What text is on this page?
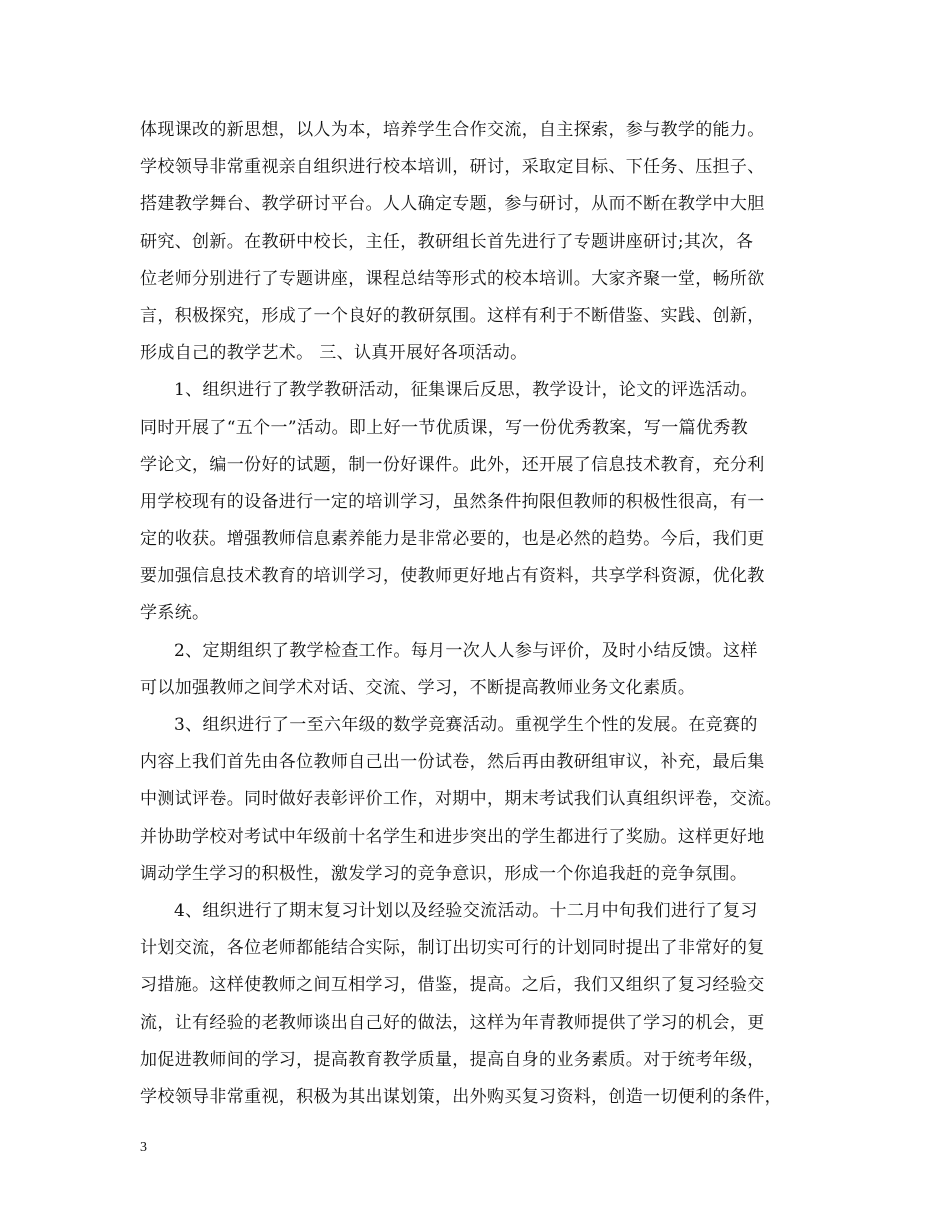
体现课改的新思想，以人为本，培养学生合作交流，自主探索，参与教学的能力。
学校领导非常重视亲自组织进行校本培训，研讨，采取定目标、下任务、压担子、
搭建教学舞台、教学研讨平台。人人确定专题，参与研讨，从而不断在教学中大胆
研究、创新。在教研中校长，主任，教研组长首先进行了专题讲座研讨;其次，各
位老师分别进行了专题讲座，课程总结等形式的校本培训。大家齐聚一堂，畅所欲
言，积极探究，形成了一个良好的教研氛围。这样有利于不断借鉴、实践、创新，
形成自己的教学艺术。 三、认真开展好各项活动。
1、组织进行了教学教研活动，征集课后反思，教学设计，论文的评选活动。
同时开展了“五个一”活动。即上好一节优质课，写一份优秀教案，写一篇优秀教
学论文，编一份好的试题，制一份好课件。此外，还开展了信息技术教育，充分利
用学校现有的设备进行一定的培训学习，虽然条件拘限但教师的积极性很高，有一
定的收获。增强教师信息素养能力是非常必要的，也是必然的趋势。今后，我们更
要加强信息技术教育的培训学习，使教师更好地占有资料，共享学科资源，优化教
学系统。
2、定期组织了教学检查工作。每月一次人人参与评价，及时小结反馈。这样
可以加强教师之间学术对话、交流、学习，不断提高教师业务文化素质。
3、组织进行了一至六年级的数学竞赛活动。重视学生个性的发展。在竞赛的
内容上我们首先由各位教师自己出一份试卷，然后再由教研组审议，补充，最后集
中测试评卷。同时做好表彰评价工作，对期中，期末考试我们认真组织评卷，交流。
并协助学校对考试中年级前十名学生和进步突出的学生都进行了奖励。这样更好地
调动学生学习的积极性，激发学习的竞争意识，形成一个你追我赶的竞争氛围。
4、组织进行了期末复习计划以及经验交流活动。十二月中旬我们进行了复习
计划交流，各位老师都能结合实际，制订出切实可行的计划同时提出了非常好的复
习措施。这样使教师之间互相学习，借鉴，提高。之后，我们又组织了复习经验交
流，让有经验的老教师谈出自己好的做法，这样为年青教师提供了学习的机会，更
加促进教师间的学习，提高教育教学质量，提高自身的业务素质。对于统考年级，
学校领导非常重视，积极为其出谋划策，出外购买复习资料，创造一切便利的条件，
3
